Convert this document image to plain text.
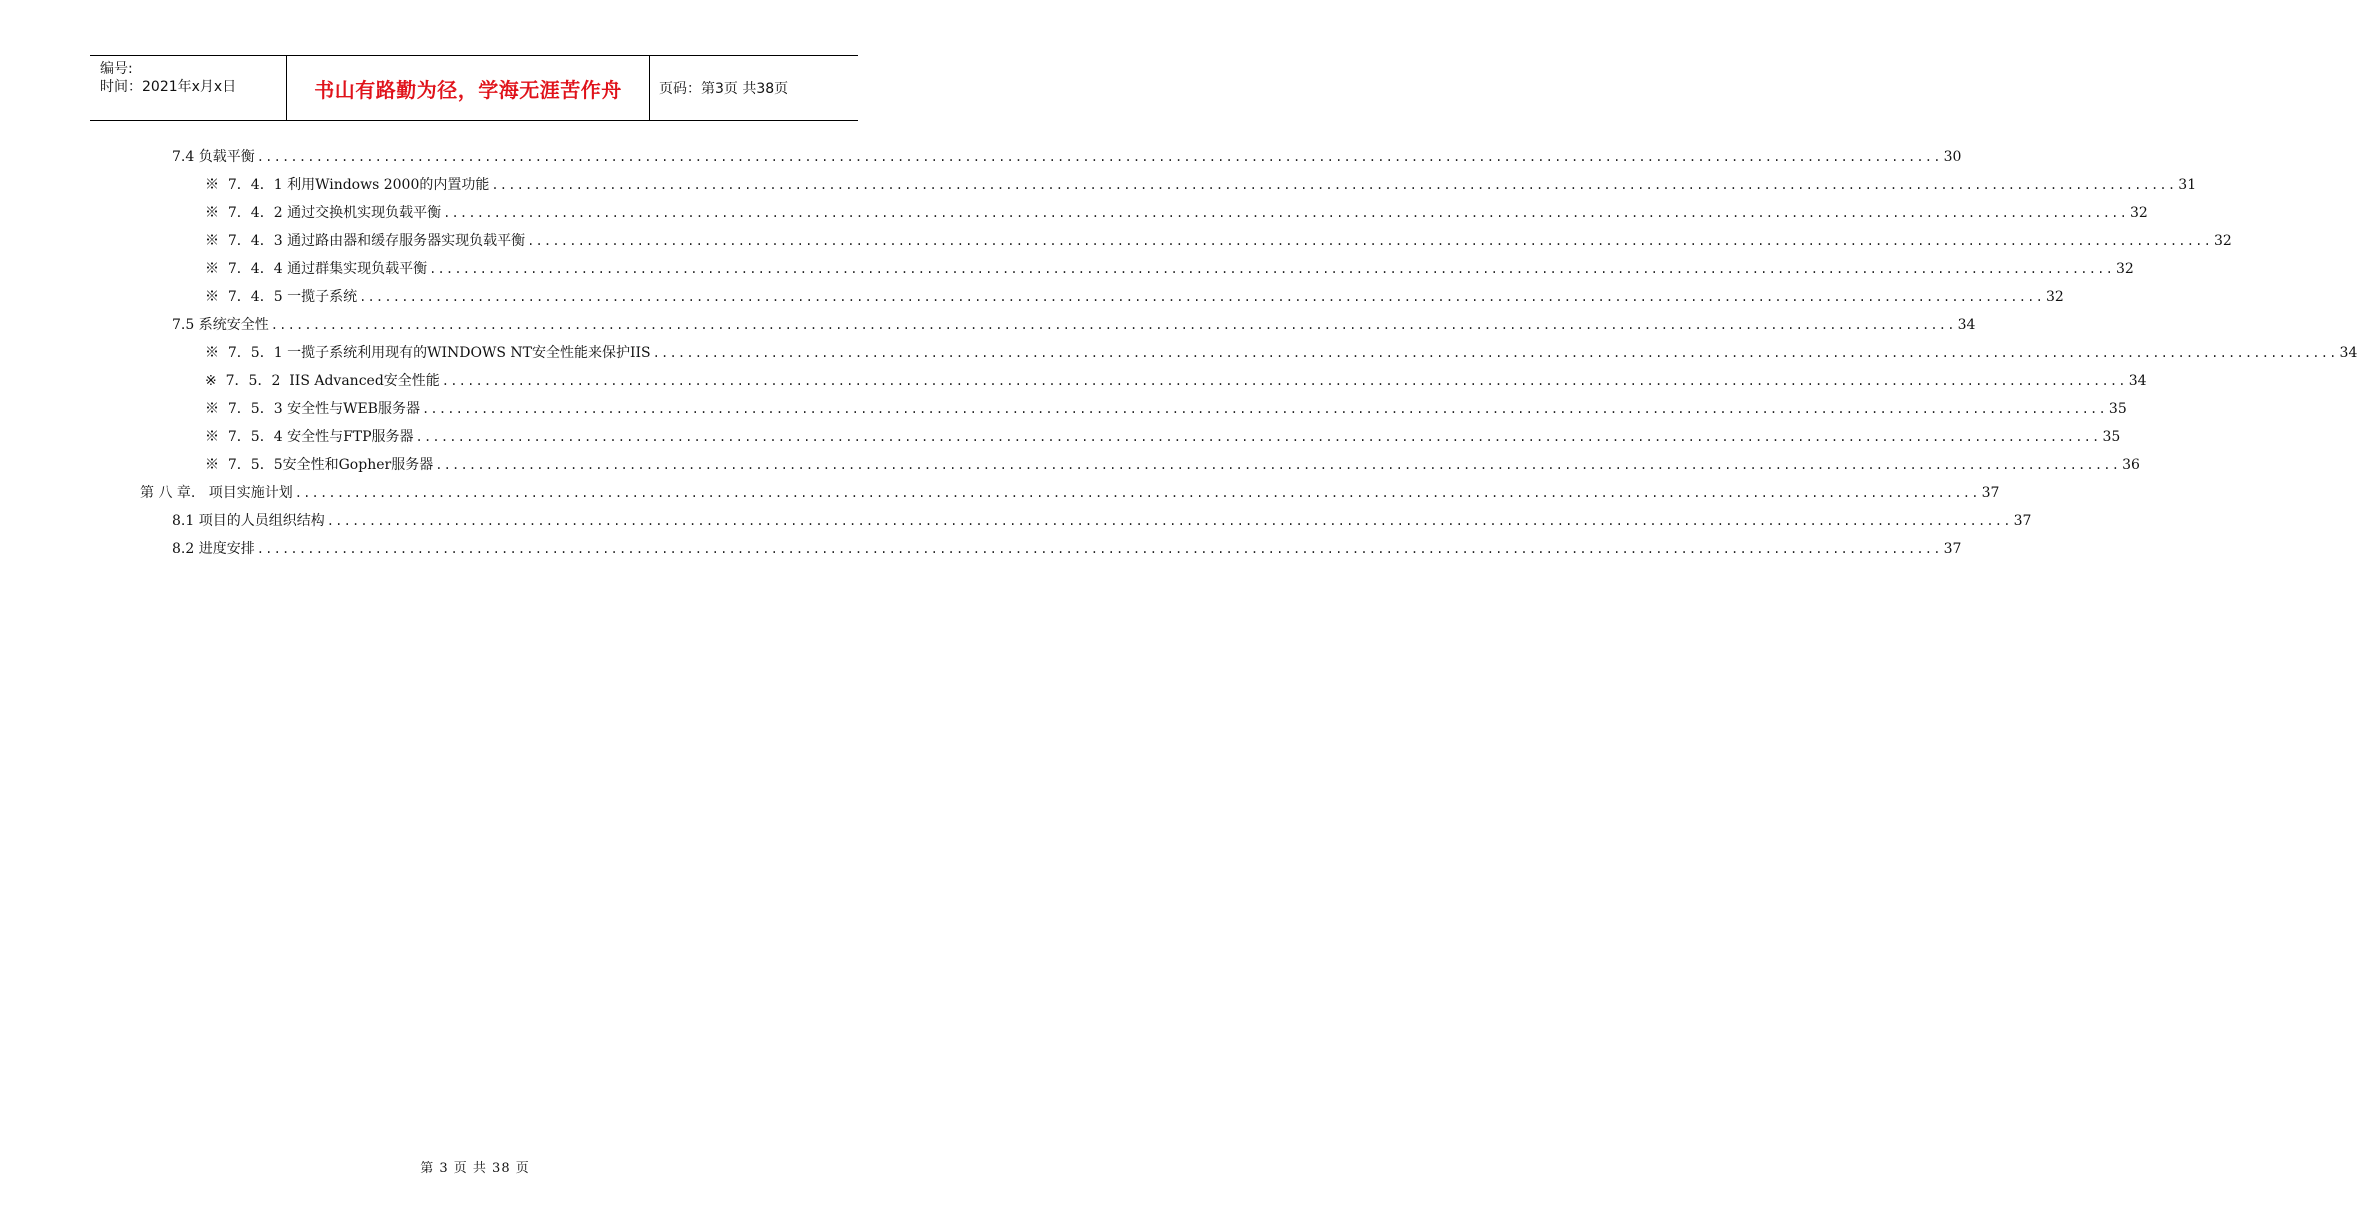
编号:
时间：2021年x月x日	书山有路勤为径，学海无涯苦作舟	页码：第3页 共38页
7.4 负载平衡 ........................................................................................................................................................................................................ 30
※  7．4．1 利用Windows 2000的内置功能 ........................................................................................................................................................................................................ 31
※  7．4．2 通过交换机实现负载平衡 ........................................................................................................................................................................................................ 32
※  7．4．3 通过路由器和缓存服务器实现负载平衡 ........................................................................................................................................................................................................ 32
※  7．4．4 通过群集实现负载平衡 ........................................................................................................................................................................................................ 32
※  7．4．5 一揽子系统 ........................................................................................................................................................................................................ 32
7.5 系统安全性 ........................................................................................................................................................................................................ 34
※  7．5．1 一揽子系统利用现有的WINDOWS NT安全性能来保护IIS ........................................................................................................................................................................................................ 34
※  7．5．2  IIS Advanced安全性能 ........................................................................................................................................................................................................ 34
※  7．5．3 安全性与WEB服务器 ........................................................................................................................................................................................................ 35
※  7．5．4 安全性与FTP服务器 ........................................................................................................................................................................................................ 35
※  7．5．5安全性和Gopher服务器 ........................................................................................................................................................................................................ 36
第 八 章.   项目实施计划 ........................................................................................................................................................................................................ 37
8.1 项目的人员组织结构 ........................................................................................................................................................................................................ 37
8.2 进度安排 ........................................................................................................................................................................................................ 37
第 3 页 共 38 页
